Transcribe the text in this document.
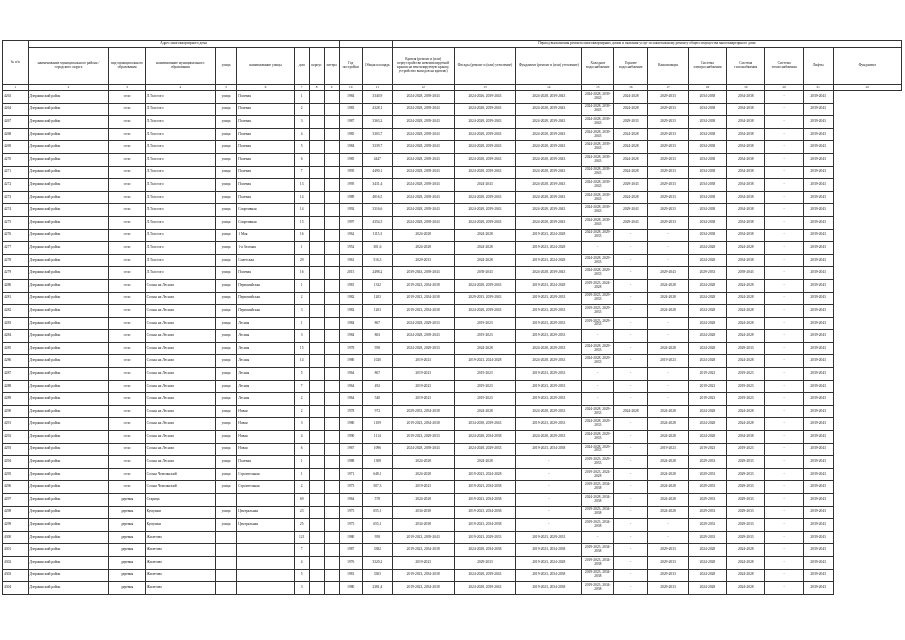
№ п/п	Адрес многоквартирного дома										Период выполнения ремонта многоквартирных домов и оказания услуг по капитальному ремонту общего имущества многоквартирного дома										
	наименование муниципального района / городского округа	вид муниципального образования	наименование муниципального образования	улица	наименование улицы	дом	корпус	литера	Год постройки	Общая площадь	Кровля (ремонт и (или) переустройство невентилируемой крыши на вентилируемую крышу, устройство выходов на кровлю)	Фасады (ремонт и (или) утепление)	Фундамент (ремонт и (или) утепление)	Холодное водоснабжение	Горячее водоснабжение	Канализация	Система электроснабжения	Система газоснабжения	Система теплоснабжения	Лифты	Фундамент
1	2	3	4	5	6	7	8	9	10	11	12	13	14	15	16	17	18	19	20	21	22
4263	Дзержинский район	село	Л.Толстого	улица	Полевая	1			1984	3340,9	2024-2028, 2039-2043	2024-2026, 2039-2043	2024-2028, 2039-2043	2024-2028, 2039-2043	2024-2028	2029-2033	2034-2038	2034-2038	-	2039-2043	
4264	Дзержинский район	село	Л.Толстого	улица	Полевая	2			1983	4328,1	2024-2028, 2039-2043	2024-2028, 2039-2043	2024-2028, 2039-2043	2024-2028, 2039-2043	2024-2028	2029-2033	2034-2038	2034-2038	-	2039-2043	
4267	Дзержинский район	село	Л.Толстого	улица	Полевая	3			1987	3363,2	2024-2028, 2039-2043	2024-2028, 2039-2043	2024-2028, 2039-2043	2024-2028, 2039-2043	2029-2033	2029-2033	2034-2038	2034-2038	-	2039-2043	
4268	Дзержинский район	село	Л.Толстого	улица	Полевая	4			1985	3303,7	2024-2028, 2039-2043	2024-2028, 2039-2043	2024-2028, 2039-2043	2024-2028, 2039-2043	2024-2028	2029-2033	2034-2038	2034-2038	-	2039-2043	
4269	Дзержинский район	село	Л.Толстого	улица	Полевая	5			1984	3339,7	2024-2028, 2039-2043	2024-2028, 2039-2043	2024-2028, 2039-2043	2024-2028, 2039-2043	2024-2028	2029-2033	2034-2038	2034-2038	-	2039-2043	
4270	Дзержинский район	село	Л.Толстого	улица	Полевая	6			1985	4447	2024-2028, 2039-2043	2024-2028, 2039-2043	2024-2028, 2039-2043	2024-2028, 2039-2043	2024-2028	2029-2033	2034-2038	2034-2038	-	2039-2043	
4271	Дзержинский район	село	Л.Толстого	улица	Полевая	7			1995	4490,1	2024-2028, 2039-2043	2024-2028, 2039-2043	2024-2028, 2039-2043	2024-2028, 2039-2043	2024-2028	2029-2033	2034-2038	2034-2038	-	2039-2043	
4272	Дзержинский район	село	Л.Толстого	улица	Полевая	13			1995	3431,4	2024-2028, 2039-2043	2024-2043	2024-2028, 2039-2043	2024-2028, 2039-2043	2029-2043	2029-2033	2034-2038	2034-2038	-	2039-2043	
4273	Дзержинский район	село	Л.Толстого	улица	Полевая	14			1989	4816,5	2024-2028, 2039-2043	2024-2028, 2039-2043	2024-2028, 2039-2043	2024-2028, 2039-2043	2024-2028	2029-2033	2034-2038	2034-2038	-	2039-2043	
4274	Дзержинский район	село	Л.Толстого	улица	Спортивная	14			1992	3316,6	2024-2028, 2039-2043	2024-2028, 2039-2043	2024-2028, 2039-2043	2024-2028, 2039-2043	2029-2043	2029-2033	2034-2038	2034-2038	-	2039-2043	
4275	Дзержинский район	село	Л.Толстого	улица	Спортивная	15			1997	4354,5	2024-2028, 2039-2043	2024-2028, 2039-2043	2024-2028, 2039-2043	2024-2028, 2039-2043	2029-2043	2029-2033	2034-2038	2034-2038	-	2039-2043	
4276	Дзержинский район	село	Л.Толстого	улица	1 Мая	16			1962	1115,3	2024-2028	2024-2028	2019-2023, 2024-2028	2024-2028, 2029-2033	-	-	2034-2038	2034-2038	-	2039-2043	
4277	Дзержинский район	село	Л.Толстого	улица	1-я Зеленая	1			1952	301,6	2024-2028	2024-2028	2019-2023, 2024-2028	-	-	-	2024-2028	2024-2028	-	2039-2043	
4278	Дзержинский район	село	Л.Толстого	улица	Советская	29			1961	516,3	2029-2033	2024-2028	2019-2023, 2024-2028	2024-2028, 2029-2033	-	-	2024-2028	2034-2038	-	2039-2043	
4279	Дзержинский район	село	Л.Толстого	улица	Полевая	16			2015	2498,2	2039-2043, 2039-2043	2039-2043	2024-2028, 2039-2043	2024-2028, 2029-2033	-	2029-2043	2029-2033	2039-2043	-	2039-2043	
4280	Дзержинский район	село	Сосны на Лесном	улица	Первомайская	1			1981	1332	2019-2023, 2034-2038	2024-2028, 2039-2043	2019-2023, 2024-2028	2019-2023, 2024-2028	-	2024-2028	2024-2028	2024-2028	-	2039-2043	
4281	Дзержинский район	село	Сосны на Лесном	улица	Первомайская	2			1982	1203	2019-2023, 2034-2038	2029-2033, 2039-2043	2019-2023, 2029-2033	2019-2023, 2029-2033	-	2024-2028	2024-2028	2024-2028	-	2039-2043	
4282	Дзержинский район	село	Сосны на Лесном	улица	Первомайская	3			1982	1203	2019-2023, 2034-2038	2024-2028, 2039-2043	2019-2023, 2029-2033	2019-2023, 2029-2033	-	2024-2028	2024-2028	2024-2028	-	2039-2043	
4283	Дзержинский район	село	Сосны на Лесном	улица	Лесная	1			1984	867	2024-2028, 2029-2033	2019-2023	2019-2023, 2029-2033	2019-2023, 2029-2033	-	-	2024-2028	2024-2028	-	2039-2043	
4284	Дзержинский район	село	Сосны на Лесном	улица	Лесная	3			1984	863	2024-2028, 2039-2043	2019-2023	2019-2023, 2029-2033	-	-	-	2024-2028	2024-2028	-	2039-2043	
4285	Дзержинский район	село	Сосны на Лесном	улица	Лесная	15			1978	958	2024-2028, 2029-2033	2024-2028	2024-2028, 2029-2033	2024-2028, 2029-2033	-	2024-2028	2024-2028	2029-2033	-	2039-2043	
4286	Дзержинский район	село	Сосны на Лесном	улица	Лесная	14			1980	1020	2019-2023	2019-2023, 2024-2028	2024-2028, 2029-2033	2024-2028, 2029-2033	-	2019-2023	2024-2028	2024-2028	-	2039-2043	
4287	Дзержинский район	село	Сосны на Лесном	улица	Лесная	5			1964	867	2019-2023	2019-2023	2019-2023, 2029-2033	-	-	-	2019-2023	2019-2023	-	2039-2043	
4288	Дзержинский район	село	Сосны на Лесном	улица	Лесная	7			1964	492	2019-2023	2019-2023	2019-2023, 2029-2033	-	-	-	2019-2023	2019-2023	-	2039-2043	
4289	Дзержинский район	село	Сосны на Лесном	улица	Лесная	2			1964	540	2019-2023	2019-2023	2019-2023, 2029-2033	-	-	-	2019-2023	2019-2023	-	2039-2043	
4290	Дзержинский район	село	Сосны на Лесном	улица	Новая	2			1978	972	2029-2033, 2034-2038	2024-2028	2024-2028, 2029-2033	2024-2028, 2029-2033	2024-2028	2024-2028	2024-2028	2024-2028	-	2039-2043	
4291	Дзержинский район	село	Сосны на Лесном	улица	Новая	3			1980	1109	2019-2023, 2034-2038	2034-2038, 2039-2043	2019-2023, 2029-2033	2024-2028, 2029-2033	-	2024-2028	2024-2028	2024-2028	-	2039-2043	
4292	Дзержинский район	село	Сосны на Лесном	улица	Новая	4			1990	1114	2019-2023, 2029-2033	2024-2028, 2034-2038	2024-2028, 2029-2033	2024-2028, 2029-2033	-	2024-2028	2024-2028	2034-2038	-	2039-2043	
4293	Дзержинский район	село	Сосны на Лесном	улица	Новая	6			1967	1096	2024-2028, 2039-2043	2024-2028, 2029-2033	2019-2023, 2034-2038	2024-2028, 2029-2033	-	2019-2023	2019-2023	2019-2023	-	2039-2043	
4294	Дзержинский район	село	Сосны на Лесном	улица	Полевая	1			1988	1308	2024-2028	2024-2028	-	2019-2023, 2029-2033	-	2024-2028	2029-2033	2029-2033	-	2039-2043	
4295	Дзержинский район	село	Сосны Чемсинский	улица	Строительная	1			1971	648,1	2024-2028	2019-2023, 2024-2028	-	2019-2023, 2024-2028	-	2024-2028	2029-2033	2029-2033	-	2039-2043	
4296	Дзержинский район	село	Сосны Чемсинский	улица	Строительная	2			1975	507,3	2019-2023	2019-2023, 2034-2038	-	2019-2023, 2034-2038	-	2024-2028	2029-2033	2029-2033	-	2039-2043	
4297	Дзержинский район	деревня	Старица			69			1964	578	2024-2028	2019-2023, 2034-2038	-	2024-2028, 2034-2038	-	2024-2028	2029-2033	2029-2033	-	2039-2043	
4298	Дзержинский район	деревня	Кумушки	улица	Центральная	23			1975	655,1	2034-2038	2019-2023, 2034-2038	-	2019-2023, 2034-2038	-	2024-2028	2029-2033	2029-2033	-	2039-2043	
4299	Дзержинский район	деревня	Кумушки	улица	Центральная	25			1975	655,1	2034-2038	2019-2023, 2034-2038	-	2019-2023, 2034-2038	-	-	2029-2033	2029-2033	-	2039-2043	
4300	Дзержинский район	деревня	Жилетово			121			1980	958	2019-2023, 2039-2043	2019-2023, 2029-2033	2019-2023, 2029-2033	-	-	-	2029-2033	2029-2033	-	2039-2043	
4301	Дзержинский район	деревня	Жилетово			7			1987	3382	2019-2023, 2034-2038	2024-2028, 2034-2038	2019-2023, 2034-2038	2019-2023, 2034-2038	-	2029-2033	2024-2028	2024-2028	-	2039-2043	
4302	Дзержинский район	деревня	Жилетово			4			1976	3320,2	2019-2023	2029-2033	2019-2023, 2024-2028	2019-2023, 2034-2038	-	2029-2033	2024-2028	2024-2028	-	2039-2043	
4303	Дзержинский район	деревня	Жилетово			5			1981	3303	2019-2023, 2034-2038	2024-2028, 2039-2043	2019-2023, 2034-2038	2019-2023, 2034-2038	-	2029-2033	2024-2028	2024-2028	-	2039-2043	
4304	Дзержинский район	деревня	Жилетово			3			1980	2381,4	2019-2023, 2034-2038	2024-2028, 2039-2043	2019-2023, 2034-2038	2019-2023, 2034-2038	-	2029-2033	2024-2028	2024-2028	-	2039-2043	
